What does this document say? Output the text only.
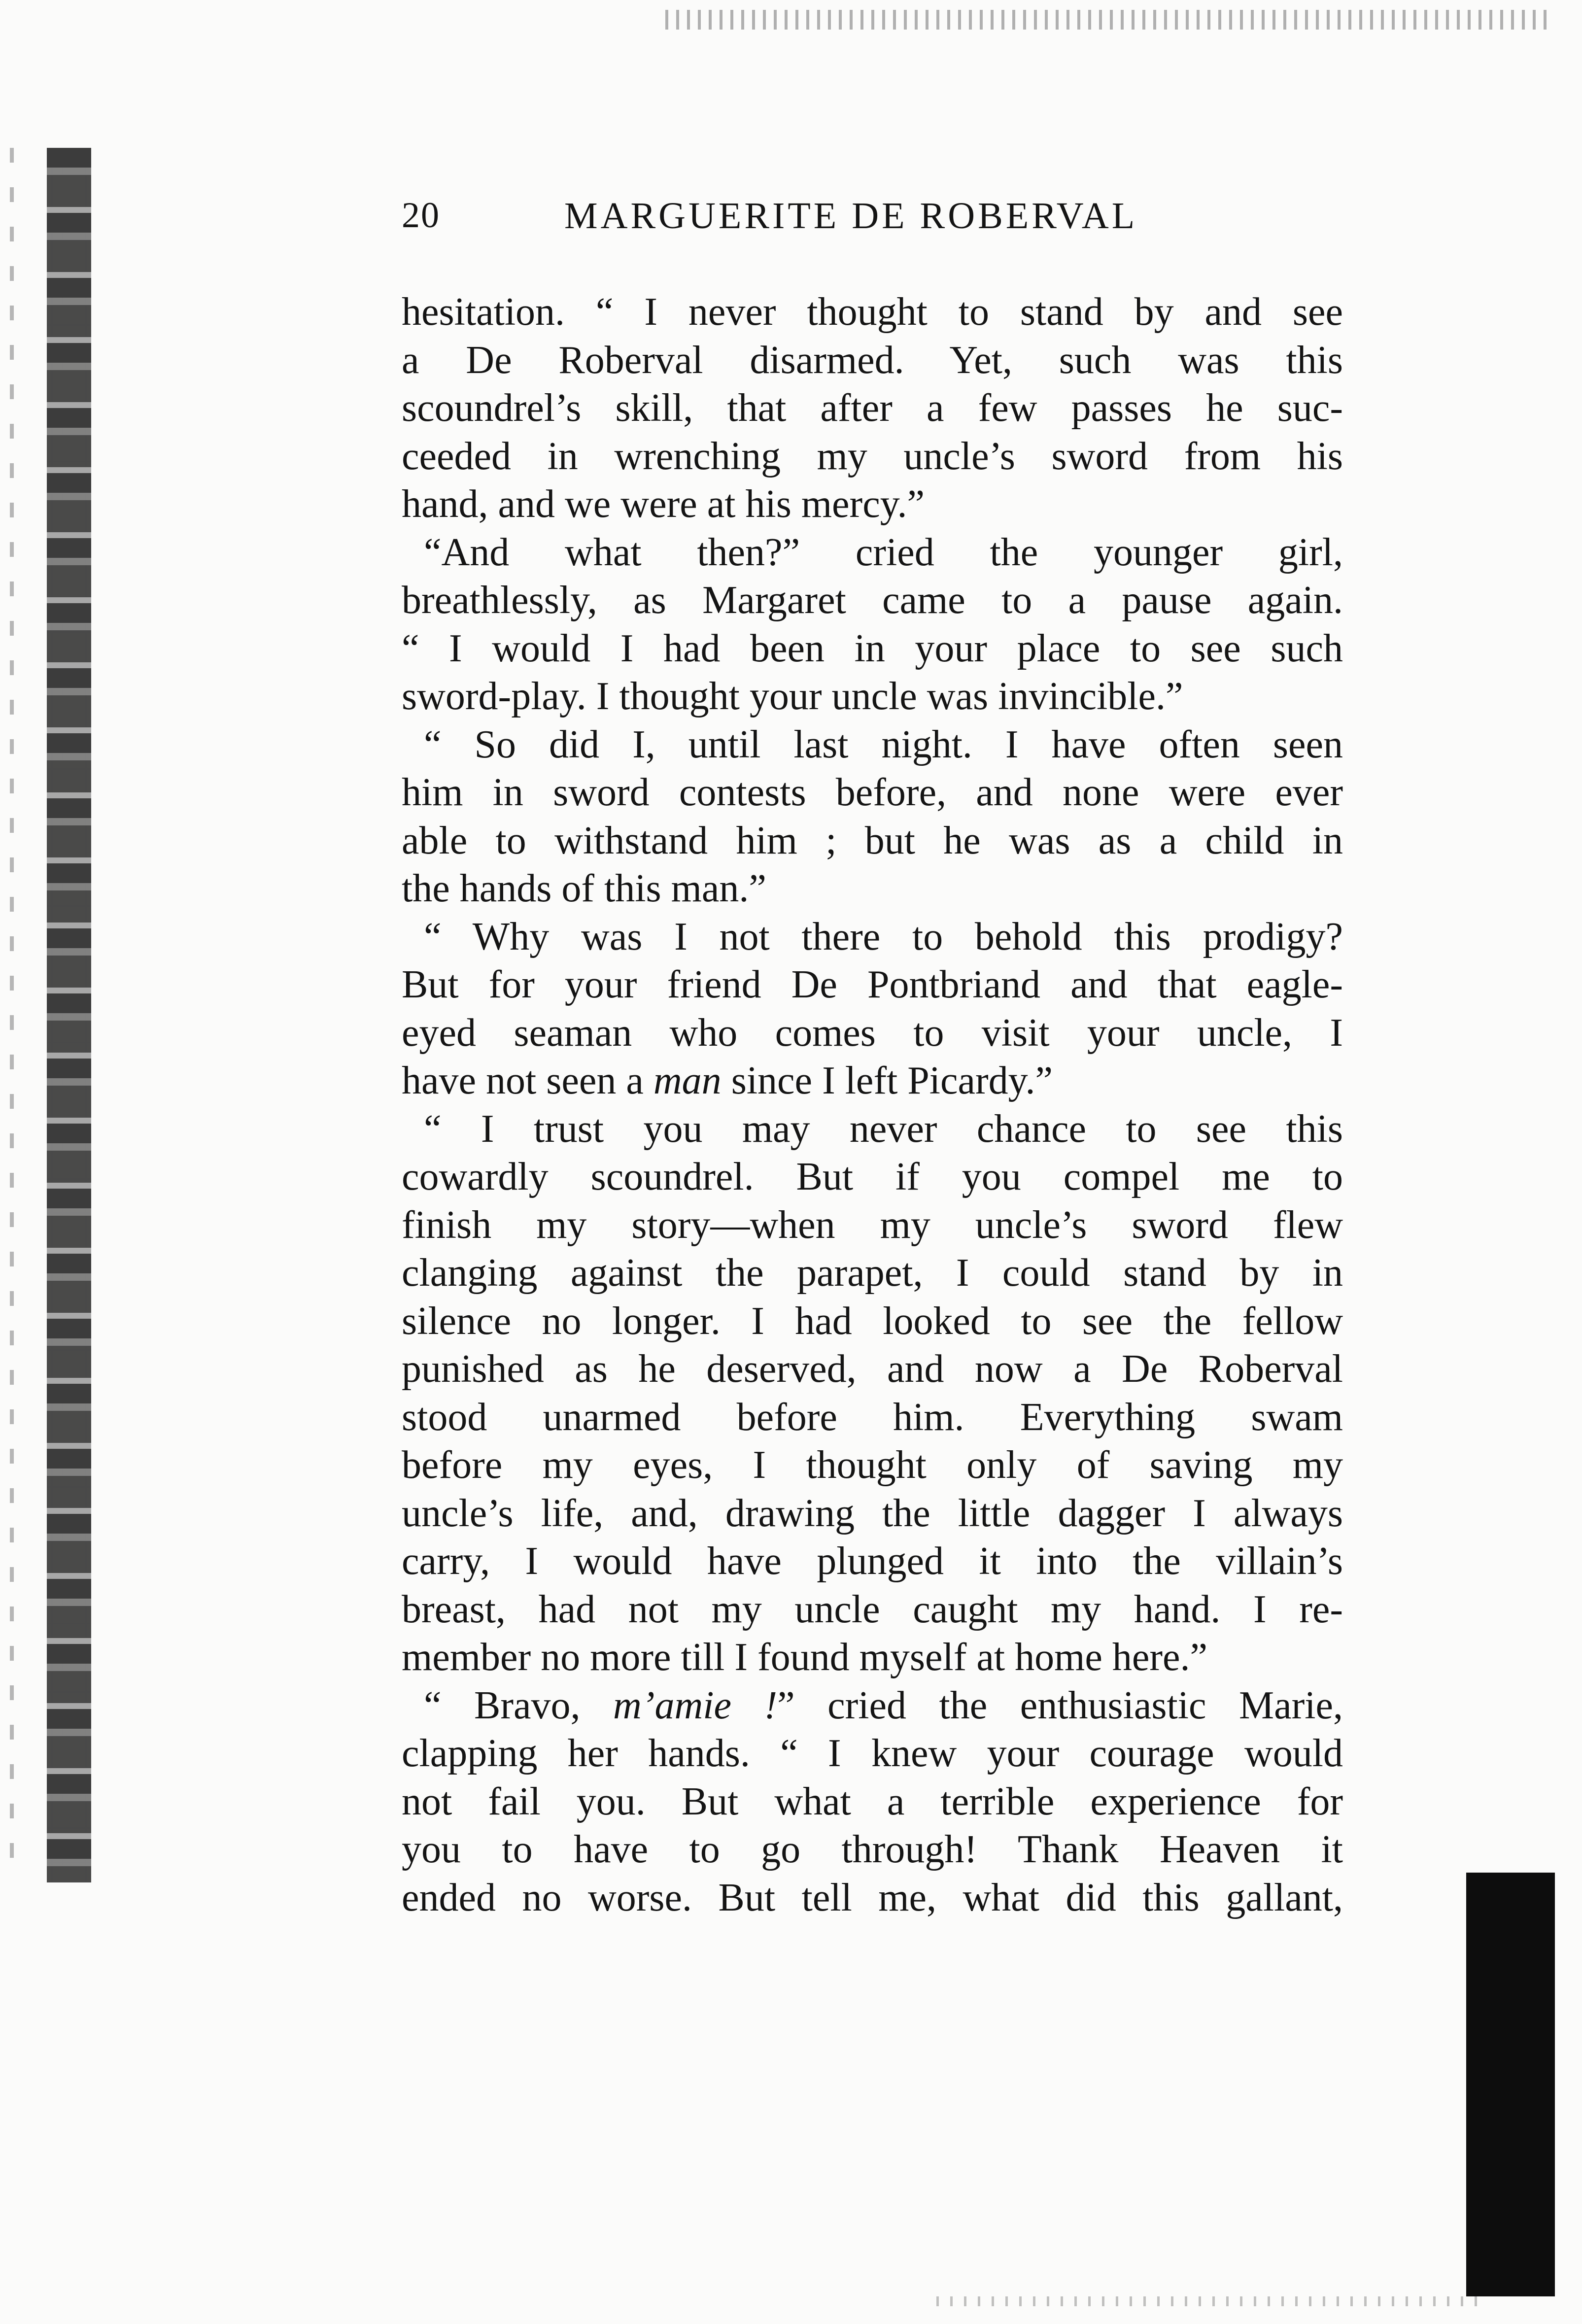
20	MARGUERITE DE ROBERVAL
hesitation. “ I never thought to stand by and see
a De Roberval disarmed. Yet, such was this
scoundrel’s skill, that after a few passes he suc-
ceeded in wrenching my uncle’s sword from his
hand, and we were at his mercy.”
“And what then?” cried the younger girl,
breathlessly, as Margaret came to a pause again.
“ I would I had been in your place to see such
sword-play. I thought your uncle was invincible.”
“ So did I, until last night. I have often seen
him in sword contests before, and none were ever
able to withstand him ; but he was as a child in
the hands of this man.”
“ Why was I not there to behold this prodigy?
But for your friend De Pontbriand and that eagle-
eyed seaman who comes to visit your uncle, I
have not seen a man since I left Picardy.”
“ I trust you may never chance to see this
cowardly scoundrel. But if you compel me to
finish my story—when my uncle’s sword flew
clanging against the parapet, I could stand by in
silence no longer. I had looked to see the fellow
punished as he deserved, and now a De Roberval
stood unarmed before him. Everything swam
before my eyes, I thought only of saving my
uncle’s life, and, drawing the little dagger I always
carry, I would have plunged it into the villain’s
breast, had not my uncle caught my hand. I re-
member no more till I found myself at home here.”
“ Bravo, m’amie !” cried the enthusiastic Marie,
clapping her hands. “ I knew your courage would
not fail you. But what a terrible experience for
you to have to go through! Thank Heaven it
ended no worse. But tell me, what did this gallant,
